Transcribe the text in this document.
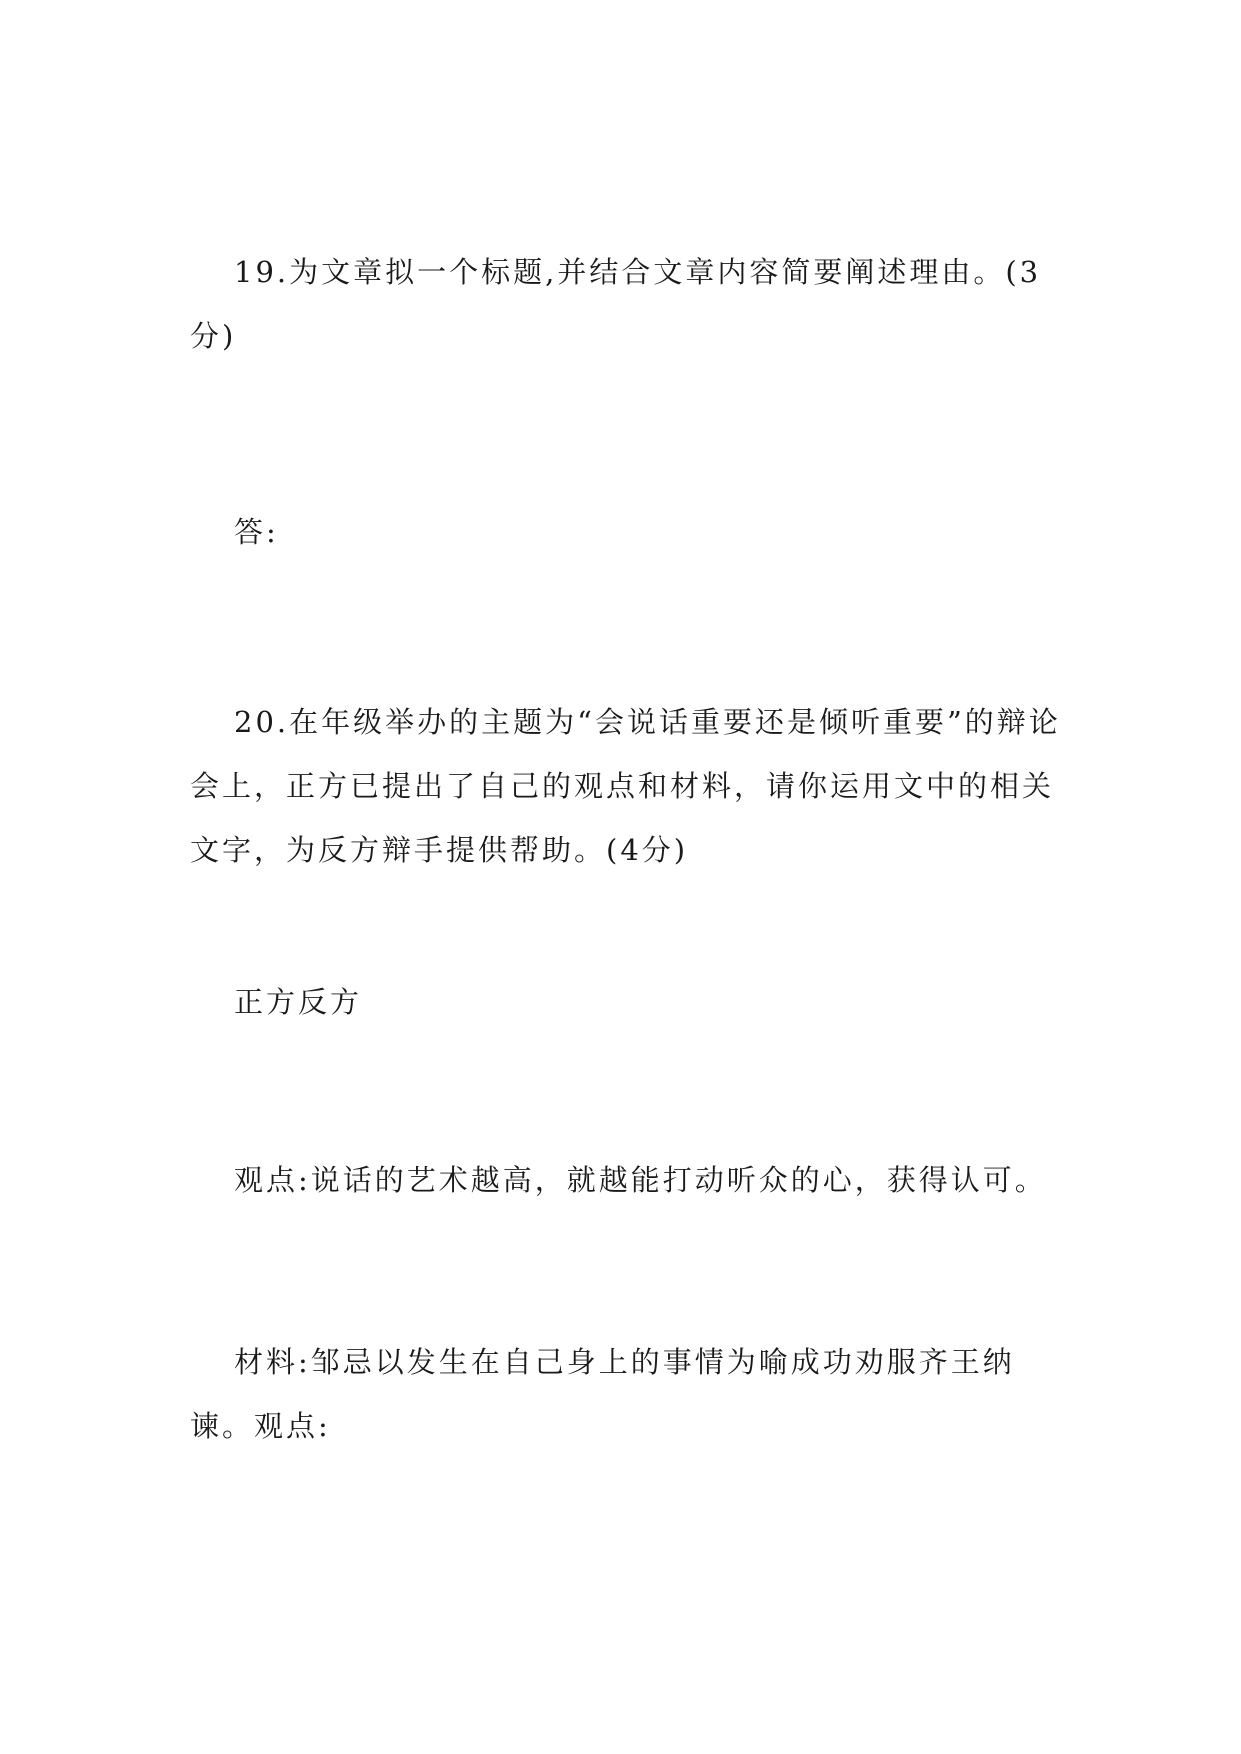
19.为文章拟一个标题,并结合文章内容简要阐述理由。(3分)

答:

20.在年级举办的主题为“会说话重要还是倾听重要”的辩论会上，正方已提出了自己的观点和材料，请你运用文中的相关文字，为反方辩手提供帮助。(4分)

正方反方

观点:说话的艺术越高，就越能打动听众的心，获得认可。

材料:邹忌以发生在自己身上的事情为喻成功劝服齐王纳谏。观点:
